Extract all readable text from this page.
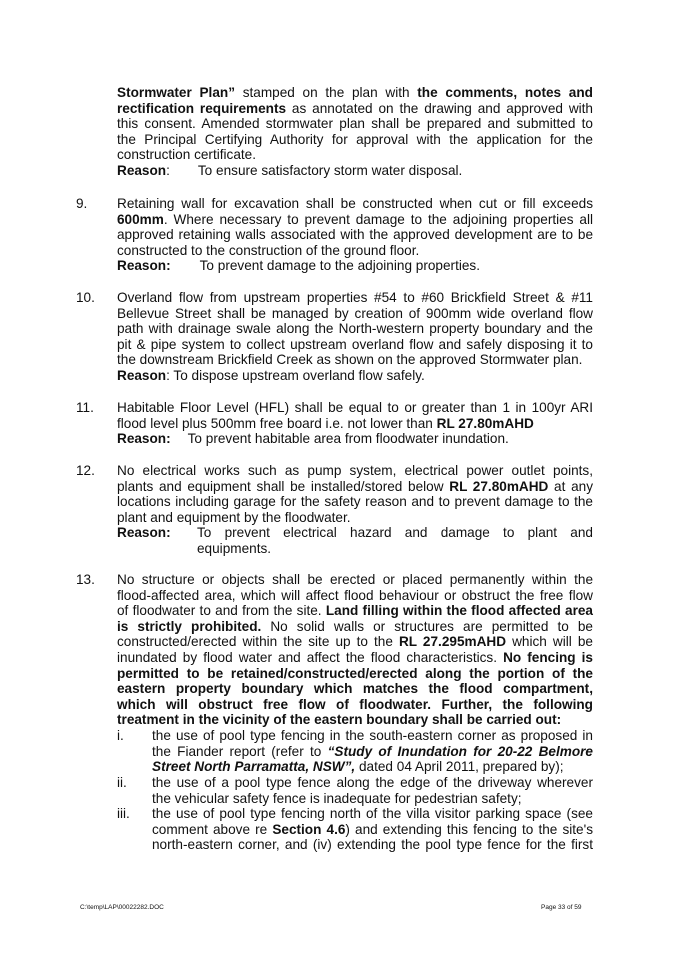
Stormwater Plan” stamped on the plan with the comments, notes and
rectification requirements as annotated on the drawing and approved with
this consent. Amended stormwater plan shall be prepared and submitted to
the Principal Certifying Authority for approval with the application for the
construction certificate.
Reason: To ensure satisfactory storm water disposal.
9. Retaining wall for excavation shall be constructed when cut or fill exceeds
600mm. Where necessary to prevent damage to the adjoining properties all
approved retaining walls associated with the approved development are to be
constructed to the construction of the ground floor.
Reason: To prevent damage to the adjoining properties.
10. Overland flow from upstream properties #54 to #60 Brickfield Street & #11
Bellevue Street shall be managed by creation of 900mm wide overland flow
path with drainage swale along the North-western property boundary and the
pit & pipe system to collect upstream overland flow and safely disposing it to
the downstream Brickfield Creek as shown on the approved Stormwater plan.
Reason: To dispose upstream overland flow safely.
11. Habitable Floor Level (HFL) shall be equal to or greater than 1 in 100yr ARI
flood level plus 500mm free board i.e. not lower than RL 27.80mAHD
Reason: To prevent habitable area from floodwater inundation.
12. No electrical works such as pump system, electrical power outlet points,
plants and equipment shall be installed/stored below RL 27.80mAHD at any
locations including garage for the safety reason and to prevent damage to the
plant and equipment by the floodwater.
Reason:	To prevent electrical hazard and damage to plant and
equipments.
13. No structure or objects shall be erected or placed permanently within the
flood-affected area, which will affect flood behaviour or obstruct the free flow
of floodwater to and from the site. Land filling within the flood affected area
is strictly prohibited. No solid walls or structures are permitted to be
constructed/erected within the site up to the RL 27.295mAHD which will be
inundated by flood water and affect the flood characteristics. No fencing is
permitted to be retained/constructed/erected along the portion of the
eastern property boundary which matches the flood compartment,
which will obstruct free flow of floodwater. Further, the following
treatment in the vicinity of the eastern boundary shall be carried out:
i. the use of pool type fencing in the south-eastern corner as proposed in
the Fiander report (refer to “Study of Inundation for 20-22 Belmore
Street North Parramatta, NSW”, dated 04 April 2011, prepared by);
ii. the use of a pool type fence along the edge of the driveway wherever
the vehicular safety fence is inadequate for pedestrian safety;
iii. the use of pool type fencing north of the villa visitor parking space (see
comment above re Section 4.6) and extending this fencing to the site's
north-eastern corner, and (iv) extending the pool type fence for the first
C:\temp\LAP\00022282.DOC	Page 33 of 59
